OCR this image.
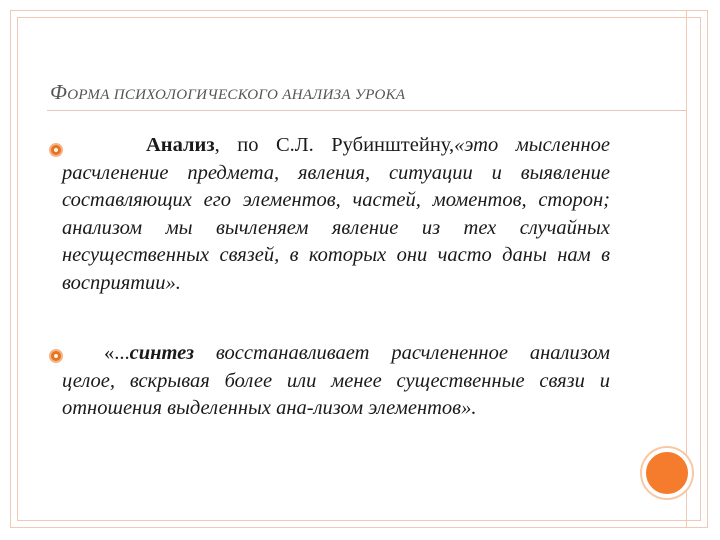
ФОРМА ПСИХОЛОГИЧЕСКОГО АНАЛИЗА УРОКА
Анализ, по С.Л. Рубинштейну,«это мысленное расчленение предмета, явления, ситуации и выявление составляющих его элементов, частей, моментов, сторон; анализом мы вычленяем явление из тех случайных несущественных связей, в которых они часто даны нам в восприятии».
«...синтез восстанавливает расчлененное анализом целое, вскрывая более или менее существенные связи и отношения выделенных ана-лизом элементов».
